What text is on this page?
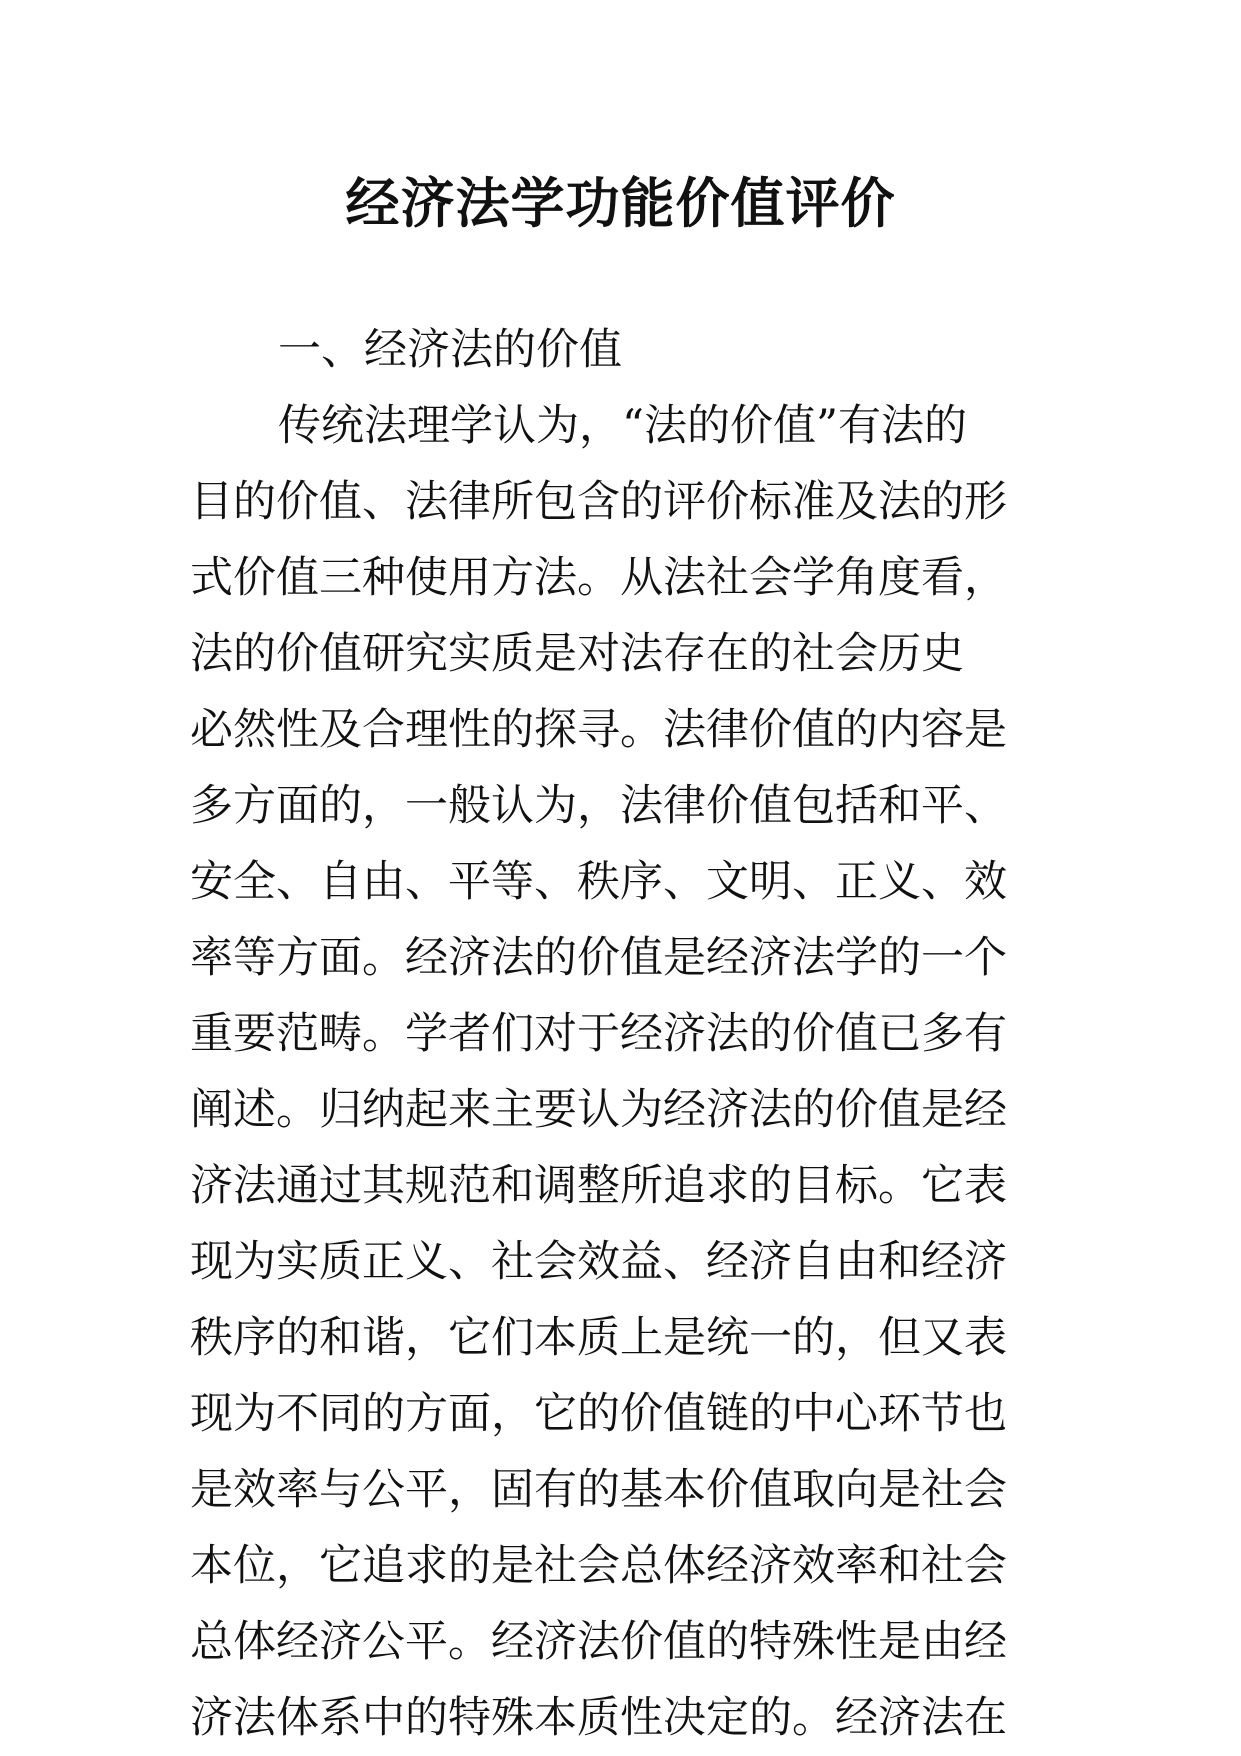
经济法学功能价值评价
一、经济法的价值
传统法理学认为，“法的价值”有法的
目的价值、法律所包含的评价标准及法的形
式价值三种使用方法。从法社会学角度看，
法的价值研究实质是对法存在的社会历史
必然性及合理性的探寻。法律价值的内容是
多方面的，一般认为，法律价值包括和平、
安全、自由、平等、秩序、文明、正义、效
率等方面。经济法的价值是经济法学的一个
重要范畴。学者们对于经济法的价值已多有
阐述。归纳起来主要认为经济法的价值是经
济法通过其规范和调整所追求的目标。它表
现为实质正义、社会效益、经济自由和经济
秩序的和谐，它们本质上是统一的，但又表
现为不同的方面，它的价值链的中心环节也
是效率与公平，固有的基本价值取向是社会
本位，它追求的是社会总体经济效率和社会
总体经济公平。经济法价值的特殊性是由经
济法体系中的特殊本质性决定的。经济法在
